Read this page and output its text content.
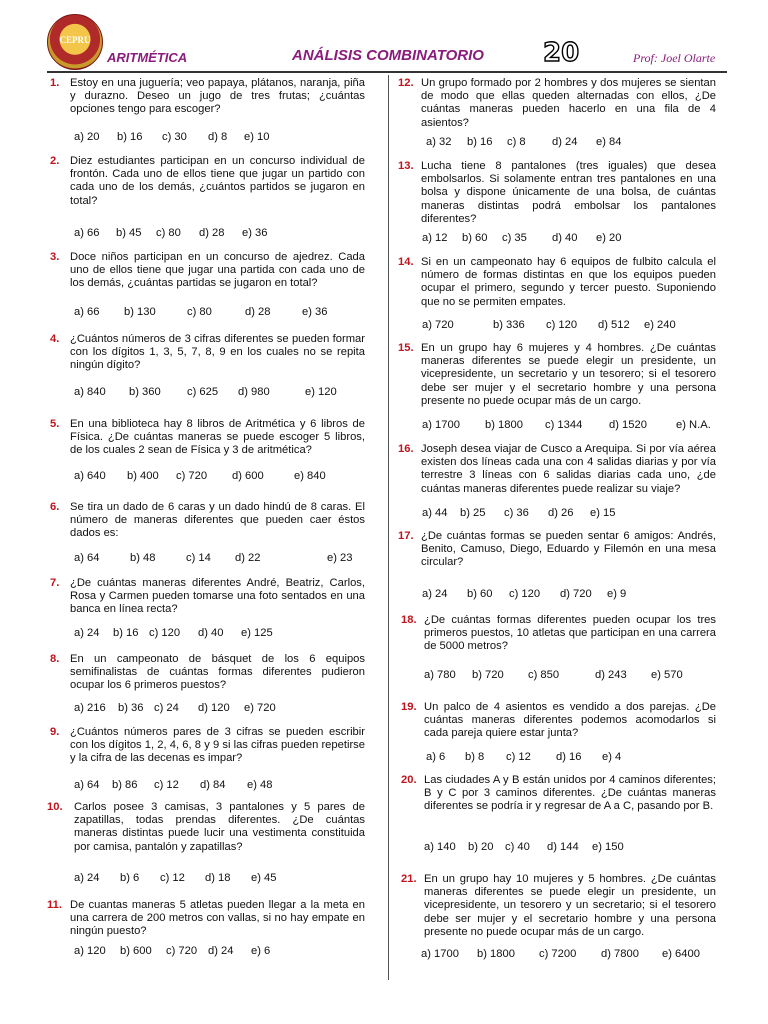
CEPRU
ARITMÉTICA	ANÁLISIS COMBINATORIO 20	Prof: Joel Olarte
1. Estoy en una juguería; veo papaya, plátanos, naranja, piña y durazno. Deseo un jugo de tres frutas; ¿cuántas opciones tengo para escoger?
a) 20 b) 16 c) 30 d) 8 e) 10
2. Diez estudiantes participan en un concurso individual de frontón. Cada uno de ellos tiene que jugar un partido con cada uno de los demás, ¿cuántos partidos se jugaron en total?
a) 66 b) 45 c) 80 d) 28 e) 36
3. Doce niños participan en un concurso de ajedrez. Cada uno de ellos tiene que jugar una partida con cada uno de los demás, ¿cuántas partidas se jugaron en total?
a) 66 b) 130	c) 80	d) 28	e) 36
4. ¿Cuántos números de 3 cifras diferentes se pueden formar con los dígitos 1, 3, 5, 7, 8, 9 en los cuales no se repita ningún dígito?
a) 840 b) 360 c) 625 d) 980	e) 120
5. En una biblioteca hay 8 libros de Aritmética y 6 libros de Física. ¿De cuántas maneras se puede escoger 5 libros, de los cuales 2 sean de Física y 3 de aritmética?
a) 640 b) 400 c) 720 d) 600	e) 840
6. Se tira un dado de 6 caras y un dado hindú de 8 caras. El número de maneras diferentes que pueden caer éstos dados es:
a) 64	b) 48	c) 14 d) 22	e) 23
7. ¿De cuántas maneras diferentes André, Beatriz, Carlos, Rosa y Carmen pueden tomarse una foto sentados en una banca en línea recta?
a) 24 b) 16 c) 120 d) 40 e) 125
8. En un campeonato de básquet de los 6 equipos semifinalistas de cuántas formas diferentes pudieron ocupar los 6 primeros puestos?
a) 216 b) 36 c) 24 d) 120 e) 720
9. ¿Cuántos números pares de 3 cifras se pueden escribir con los dígitos 1, 2, 4, 6, 8 y 9 si las cifras pueden repetirse y la cifra de las decenas es impar?
a) 64 b) 86 c) 12 d) 84 e) 48
10. Carlos posee 3 camisas, 3 pantalones y 5 pares de zapatillas, todas prendas diferentes. ¿De cuántas maneras distintas puede lucir una vestimenta constituida por camisa, pantalón y zapatillas?
a) 24 b) 6 c) 12 d) 18 e) 45
11. De cuantas maneras 5 atletas pueden llegar a la meta en una carrera de 200 metros con vallas, si no hay empate en ningún puesto?
a) 120 b) 600 c) 720 d) 24 e) 6
12. Un grupo formado por 2 hombres y dos mujeres se sientan de modo que ellas queden alternadas con ellos, ¿De cuántas maneras pueden hacerlo en una fila de 4 asientos?
a) 32 b) 16 c) 8 d) 24 e) 84
13. Lucha tiene 8 pantalones (tres iguales) que desea embolsarlos. Si solamente entran tres pantalones en una bolsa y dispone únicamente de una bolsa, de cuántas maneras distintas podrá embolsar los pantalones diferentes?
a) 12 b) 60 c) 35 d) 40 e) 20
14. Si en un campeonato hay 6 equipos de fulbito calcula el número de formas distintas en que los equipos pueden ocupar el primero, segundo y tercer puesto. Suponiendo que no se permiten empates.
a) 720	b) 336 c) 120 d) 512 e) 240
15. En un grupo hay 6 mujeres y 4 hombres. ¿De cuántas maneras diferentes se puede elegir un presidente, un vicepresidente, un secretario y un tesorero; si el tesorero debe ser mujer y el secretario hombre y una persona presente no puede ocupar más de un cargo.
a) 1700 b) 1800 c) 1344 d) 1520	e) N.A.
16. Joseph desea viajar de Cusco a Arequipa. Si por vía aérea existen dos líneas cada una con 4 salidas diarias y por vía terrestre 3 líneas con 6 salidas diarias cada uno, ¿de cuántas maneras diferentes puede realizar su viaje?
a) 44 b) 25 c) 36 d) 26 e) 15
17. ¿De cuántas formas se pueden sentar 6 amigos: Andrés, Benito, Camuso, Diego, Eduardo y Filemón en una mesa circular?
a) 24 b) 60 c) 120 d) 720 e) 9
18. ¿De cuántas formas diferentes pueden ocupar los tres primeros puestos, 10 atletas que participan en una carrera de 5000 metros?
a) 780 b) 720 c) 850	d) 243 e) 570
19. Un palco de 4 asientos es vendido a dos parejas. ¿De cuántas maneras diferentes podemos acomodarlos si cada pareja quiere estar junta?
a) 6 b) 8 c) 12 d) 16 e) 4
20. Las ciudades A y B están unidos por 4 caminos diferentes; B y C por 3 caminos diferentes. ¿De cuántas maneras diferentes se podría ir y regresar de A a C, pasando por B.
a) 140 b) 20 c) 40 d) 144 e) 150
21. En un grupo hay 10 mujeres y 5 hombres. ¿De cuántas maneras diferentes se puede elegir un presidente, un vicepresidente, un tesorero y un secretario; si el tesorero debe ser mujer y el secretario hombre y una persona presente no puede ocupar más de un cargo.
a) 1700 b) 1800 c) 7200 d) 7800 e) 6400
